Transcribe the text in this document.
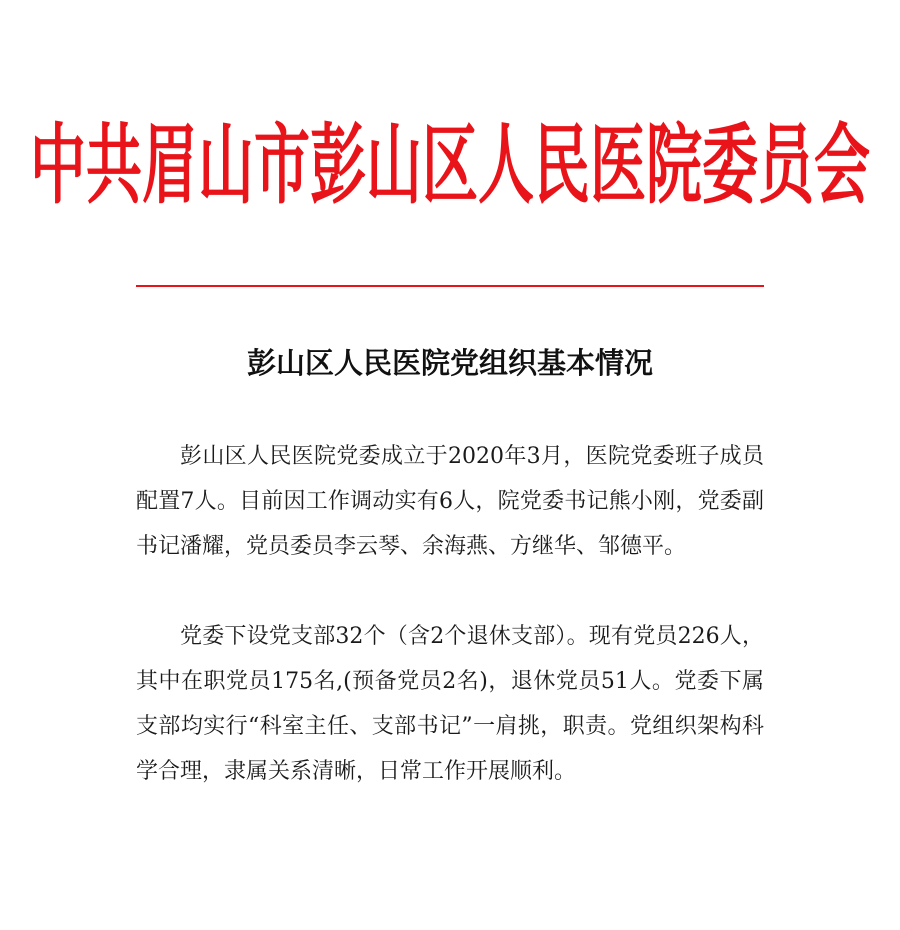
中共眉山市彭山区人民医院委员会
彭山区人民医院党组织基本情况

彭山区人民医院党委成立于2020年3月，医院党委班子成员配置7人。目前因工作调动实有6人，院党委书记熊小刚，党委副书记潘耀，党员委员李云琴、余海燕、方继华、邹德平。

党委下设党支部32个（含2个退休支部）。现有党员226人，其中在职党员175名,(预备党员2名)，退休党员51人。党委下属支部均实行“科室主任、支部书记”一肩挑，职责。党组织架构科学合理，隶属关系清晰，日常工作开展顺利。
